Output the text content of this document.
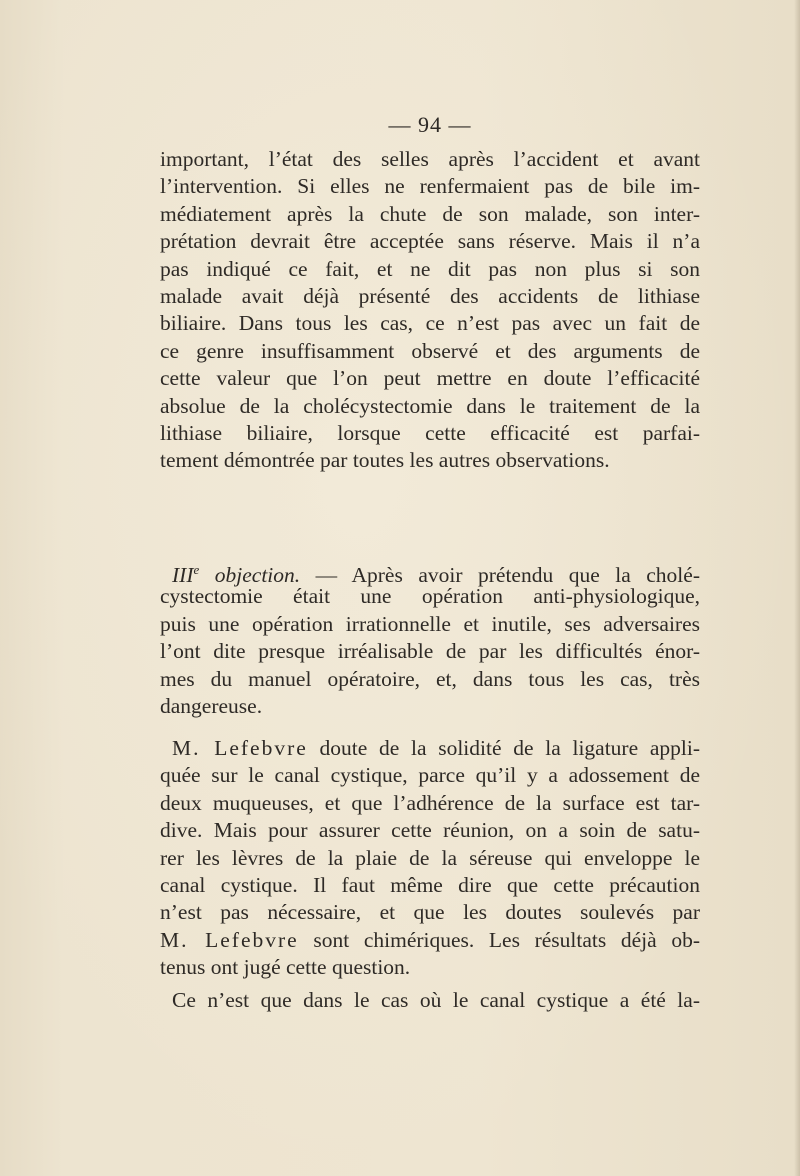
— 94 —
important, l’état des selles après l’accident et avant
l’intervention. Si elles ne renfermaient pas de bile im-
médiatement après la chute de son malade, son inter-
prétation devrait être acceptée sans réserve. Mais il n’a
pas indiqué ce fait, et ne dit pas non plus si son
malade avait déjà présenté des accidents de lithiase
biliaire. Dans tous les cas, ce n’est pas avec un fait de
ce genre insuffisamment observé et des arguments de
cette valeur que l’on peut mettre en doute l’efficacité
absolue de la cholécystectomie dans le traitement de la
lithiase biliaire, lorsque cette efficacité est parfai-
tement démontrée par toutes les autres observations.
IIIe objection. — Après avoir prétendu que la cholé-
cystectomie était une opération anti-physiologique,
puis une opération irrationnelle et inutile, ses adversaires
l’ont dite presque irréalisable de par les difficultés énor-
mes du manuel opératoire, et, dans tous les cas, très
dangereuse.
M. Lefebvre doute de la solidité de la ligature appli-
quée sur le canal cystique, parce qu’il y a adossement de
deux muqueuses, et que l’adhérence de la surface est tar-
dive. Mais pour assurer cette réunion, on a soin de satu-
rer les lèvres de la plaie de la séreuse qui enveloppe le
canal cystique. Il faut même dire que cette précaution
n’est pas nécessaire, et que les doutes soulevés par
M. Lefebvre sont chimériques. Les résultats déjà ob-
tenus ont jugé cette question.
Ce n’est que dans le cas où le canal cystique a été la-
